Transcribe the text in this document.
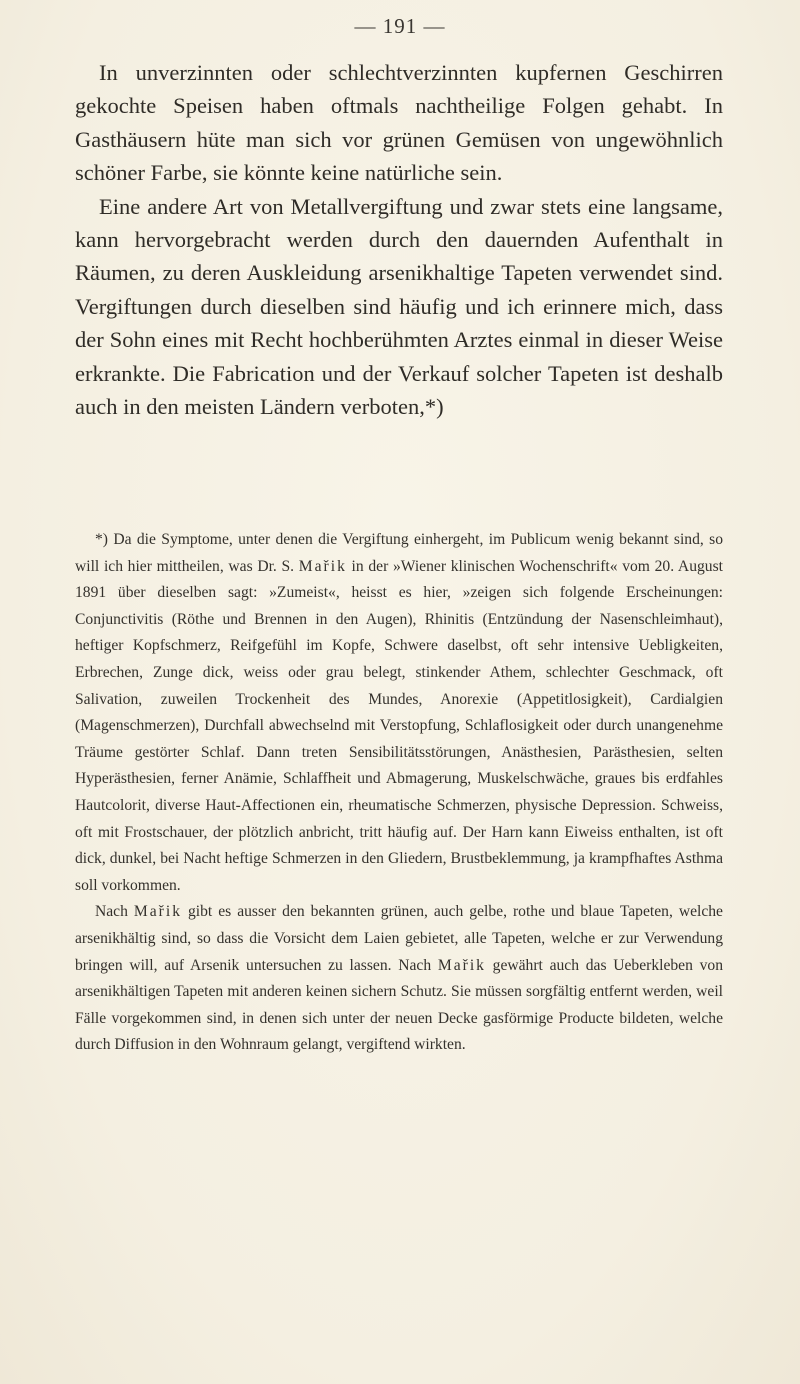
— 191 —

In unverzinnten oder schlechtverzinnten kupfernen Geschirren gekochte Speisen haben oftmals nachtheilige Folgen gehabt. In Gasthäusern hüte man sich vor grünen Gemüsen von ungewöhnlich schöner Farbe, sie könnte keine natürliche sein.

Eine andere Art von Metallvergiftung und zwar stets eine langsame, kann hervorgebracht werden durch den dauernden Aufenthalt in Räumen, zu deren Auskleidung arsenikhaltige Tapeten verwendet sind. Vergiftungen durch dieselben sind häufig und ich erinnere mich, dass der Sohn eines mit Recht hochberühmten Arztes einmal in dieser Weise erkrankte. Die Fabrication und der Verkauf solcher Tapeten ist deshalb auch in den meisten Ländern verboten,*)

*) Da die Symptome, unter denen die Vergiftung einhergeht, im Publicum wenig bekannt sind, so will ich hier mittheilen, was Dr. S. Mařik in der »Wiener klinischen Wochenschrift« vom 20. August 1891 über dieselben sagt: »Zumeist«, heisst es hier, »zeigen sich folgende Erscheinungen: Conjunctivitis (Röthe und Brennen in den Augen), Rhinitis (Entzündung der Nasenschleimhaut), heftiger Kopfschmerz, Reifgefühl im Kopfe, Schwere daselbst, oft sehr intensive Uebligkeiten, Erbrechen, Zunge dick, weiss oder grau belegt, stinkender Athem, schlechter Geschmack, oft Salivation, zuweilen Trockenheit des Mundes, Anorexie (Appetitlosigkeit), Cardialgien (Magenschmerzen), Durchfall abwechselnd mit Verstopfung, Schlaflosigkeit oder durch unangenehme Träume gestörter Schlaf. Dann treten Sensibilitätsstörungen, Anästhesien, Parästhesien, selten Hyperästhesien, ferner Anämie, Schlaffheit und Abmagerung, Muskelschwäche, graues bis erdfahles Hautcolorit, diverse Haut-Affectionen ein, rheumatische Schmerzen, physische Depression. Schweiss, oft mit Frostschauer, der plötzlich anbricht, tritt häufig auf. Der Harn kann Eiweiss enthalten, ist oft dick, dunkel, bei Nacht heftige Schmerzen in den Gliedern, Brustbeklemmung, ja krampfhaftes Asthma soll vorkommen.

Nach Mařik gibt es ausser den bekannten grünen, auch gelbe, rothe und blaue Tapeten, welche arsenikhältig sind, so dass die Vorsicht dem Laien gebietet, alle Tapeten, welche er zur Verwendung bringen will, auf Arsenik untersuchen zu lassen. Nach Mařik gewährt auch das Ueberkleben von arsenikhältigen Tapeten mit anderen keinen sichern Schutz. Sie müssen sorgfältig entfernt werden, weil Fälle vorgekommen sind, in denen sich unter der neuen Decke gasförmige Producte bildeten, welche durch Diffusion in den Wohnraum gelangt, vergiftend wirkten.
